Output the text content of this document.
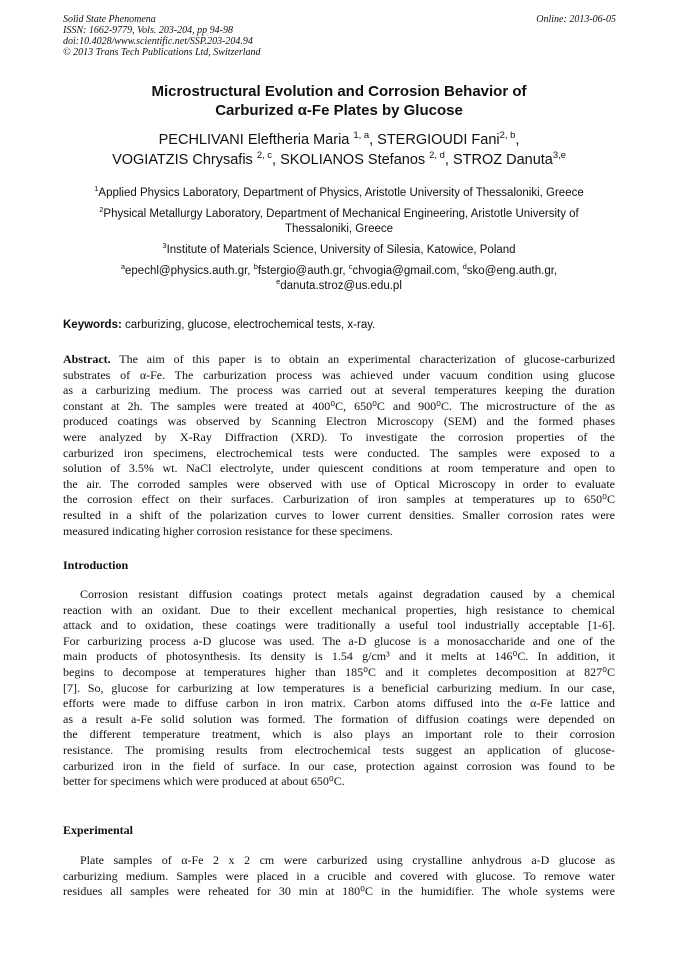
Solid State Phenomena
ISSN: 1662-9779, Vols. 203-204, pp 94-98
doi:10.4028/www.scientific.net/SSP.203-204.94
© 2013 Trans Tech Publications Ltd, Switzerland
Online: 2013-06-05
Microstructural Evolution and Corrosion Behavior of
Carburized α-Fe Plates by Glucose
PECHLIVANI Eleftheria Maria $^{1, a}$, STERGIOUDI Fani$^{2, b}$,
VOGIATZIS Chrysafis $^{2, c}$, SKOLIANOS Stefanos $^{2, d}$, STROZ Danuta$^{3,e}$
$^1$Applied Physics Laboratory, Department of Physics, Aristotle University of Thessaloniki, Greece
$^2$Physical Metallurgy Laboratory, Department of Mechanical Engineering, Aristotle University of
Thessaloniki, Greece
$^3$Institute of Materials Science, University of Silesia, Katowice, Poland
$^a$epechl@physics.auth.gr, $^b$fstergio@auth.gr, $^c$chvogia@gmail.com, $^d$sko@eng.auth.gr,
$^e$danuta.stroz@us.edu.pl
Keywords: carburizing, glucose, electrochemical tests, x-ray.
Abstract. The aim of this paper is to obtain an experimental characterization of glucose-carburized
substrates of α-Fe. The carburization process was achieved under vacuum condition using glucose
as a carburizing medium. The process was carried out at several temperatures keeping the duration
constant at 2h. The samples were treated at 400⁰C, 650⁰C and 900⁰C. The microstructure of the as
produced coatings was observed by Scanning Electron Microscopy (SEM) and the formed phases
were analyzed by X-Ray Diffraction (XRD). To investigate the corrosion properties of the
carburized iron specimens, electrochemical tests were conducted. The samples were exposed to a
solution of 3.5% wt. NaCl electrolyte, under quiescent conditions at room temperature and open to
the air. The corroded samples were observed with use of Optical Microscopy in order to evaluate
the corrosion effect on their surfaces. Carburization of iron samples at temperatures up to 650⁰C
resulted in a shift of the polarization curves to lower current densities. Smaller corrosion rates were
measured indicating higher corrosion resistance for these specimens.
Introduction
Corrosion resistant diffusion coatings protect metals against degradation caused by a chemical
reaction with an oxidant. Due to their excellent mechanical properties, high resistance to chemical
attack and to oxidation, these coatings were traditionally a useful tool industrially acceptable [1-6].
For carburizing process a-D glucose was used. The a-D glucose is a monosaccharide and one of the
main products of photosynthesis. Its density is 1.54 g/cm³ and it melts at 146⁰C. In addition, it
begins to decompose at temperatures higher than 185⁰C and it completes decomposition at 827⁰C
[7]. So, glucose for carburizing at low temperatures is a beneficial carburizing medium. In our case,
efforts were made to diffuse carbon in iron matrix. Carbon atoms diffused into the α-Fe lattice and
as a result a-Fe solid solution was formed. The formation of diffusion coatings were depended on
the different temperature treatment, which is also plays an important role to their corrosion
resistance. The promising results from electrochemical tests suggest an application of glucose-
carburized iron in the field of surface. In our case, protection against corrosion was found to be
better for specimens which were produced at about 650⁰C.
Experimental
Plate samples of α-Fe 2 x 2 cm were carburized using crystalline anhydrous a-D glucose as
carburizing medium. Samples were placed in a crucible and covered with glucose. To remove water
residues all samples were reheated for 30 min at 180⁰C in the humidifier. The whole systems were
